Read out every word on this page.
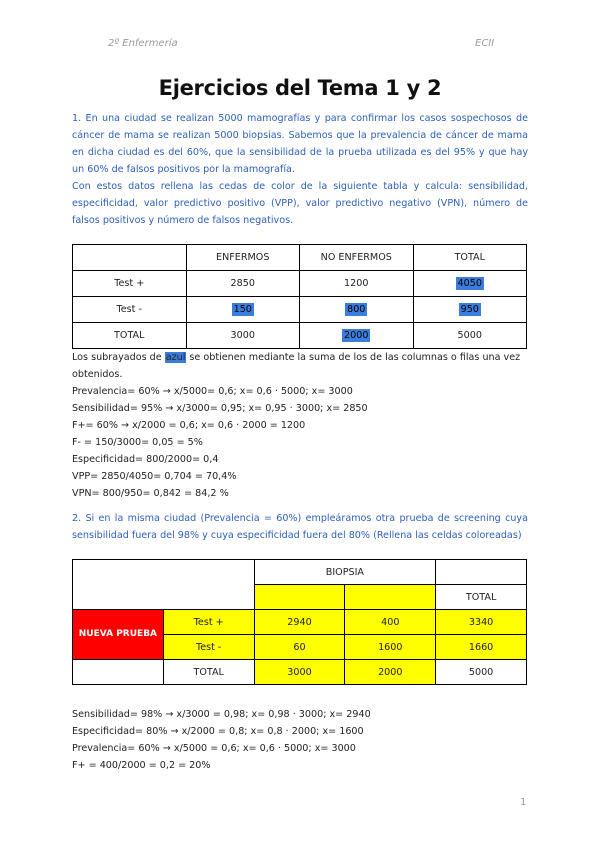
2º Enfermería	ECII
Ejercicios del Tema 1 y 2
1. En una ciudad se realizan 5000 mamografías y para confirmar los casos sospechosos de cáncer de mama se realizan 5000 biopsias. Sabemos que la prevalencia de cáncer de mama en dicha ciudad es del 60%, que la sensibilidad de la prueba utilizada es del 95% y que hay un 60% de falsos positivos por la mamografía.
Con estos datos rellena las cedas de color de la siguiente tabla y calcula: sensibilidad, especificidad, valor predictivo positivo (VPP), valor predictivo negativo (VPN), número de falsos positivos y número de falsos negativos.
	ENFERMOS	NO ENFERMOS	TOTAL
Test +	2850	1200	4050
Test -	150	800	950
TOTAL	3000	2000	5000
Los subrayados de azul se obtienen mediante la suma de los de las columnas o filas una vez obtenidos.
Prevalencia= 60% → x/5000= 0,6; x= 0,6 · 5000; x= 3000
Sensibilidad= 95% → x/3000= 0,95; x= 0,95 · 3000; x= 2850
F+= 60% → x/2000 = 0,6; x= 0,6 · 2000 = 1200
F- = 150/3000= 0,05 = 5%
Especificidad= 800/2000= 0,4
VPP= 2850/4050= 0,704 = 70,4%
VPN= 800/950= 0,842 = 84,2 %
2. Si en la misma ciudad (Prevalencia = 60%) empleáramos otra prueba de screening cuya sensibilidad fuera del 98% y cuya especificidad fuera del 80% (Rellena las celdas coloreadas)
		BIOPSIA		
				TOTAL
NUEVA PRUEBA	Test +	2940	400	3340
	Test -	60	1600	1660
	TOTAL	3000	2000	5000
Sensibilidad= 98% → x/3000 = 0,98; x= 0,98 · 3000; x= 2940
Especificidad= 80% → x/2000 = 0,8; x= 0,8 · 2000; x= 1600
Prevalencia= 60% → x/5000 = 0,6; x= 0,6 · 5000; x= 3000
F+ = 400/2000 = 0,2 = 20%
1
